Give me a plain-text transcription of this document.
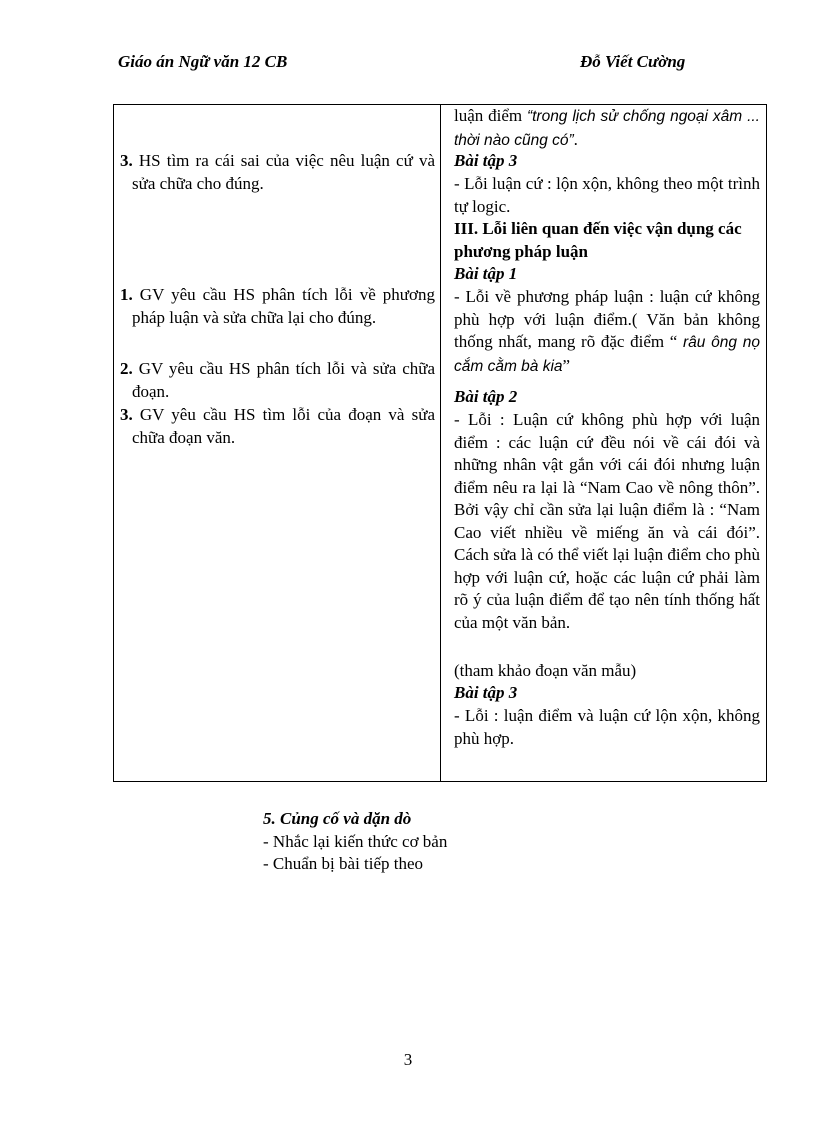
Giáo án Ngữ văn 12 CB	Đỗ Viết Cường
3. HS tìm ra cái sai của việc nêu luận cứ và sửa chữa cho đúng.
1. GV yêu cầu HS phân tích lỗi về phương pháp luận và sửa chữa lại cho đúng.
2. GV yêu cầu HS phân tích lỗi và sửa chữa đoạn.
3. GV yêu cầu HS tìm lỗi của đoạn và sửa chữa đoạn văn.
luận điểm “trong lịch sử chống ngoại xâm ... thời nào cũng có”.
Bài tập 3
- Lỗi luận cứ : lộn xộn, không theo một trình tự logic.
III. Lỗi liên quan đến việc vận dụng các phương pháp luận
Bài tập 1
- Lỗi về phương pháp luận : luận cứ không phù hợp với luận điểm.( Văn bản không thống nhất, mang rõ đặc điểm “ râu ông nọ cắm cằm bà kia”
Bài tập 2
- Lỗi : Luận cứ không phù hợp với luận điểm : các luận cứ đều nói về cái đói và những nhân vật gắn với cái đói nhưng luận điểm nêu ra lại là “Nam Cao về nông thôn”. Bởi vậy chỉ cần sửa lại luận điểm là : “Nam Cao viết nhiều về miếng ăn và cái đói”. Cách sửa là có thể viết lại luận điểm cho phù hợp với luận cứ, hoặc các luận cứ phải làm rõ ý của luận điểm để tạo nên tính thống hất của một văn bản.
(tham khảo đoạn văn mẫu)
Bài tập 3
- Lỗi : luận điểm và luận cứ lộn xộn, không phù hợp.
5. Củng cố và dặn dò
- Nhắc lại kiến thức cơ bản
- Chuẩn bị bài tiếp theo
3
